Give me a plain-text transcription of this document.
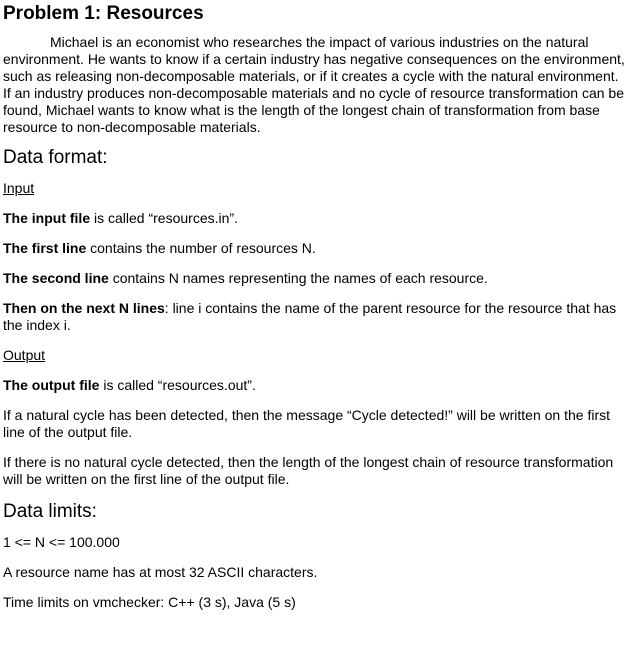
Problem 1: Resources

Michael is an economist who researches the impact of various industries on the natural environment. He wants to know if a certain industry has negative consequences on the environment, such as releasing non-decomposable materials, or if it creates a cycle with the natural environment. If an industry produces non-decomposable materials and no cycle of resource transformation can be found, Michael wants to know what is the length of the longest chain of transformation from base resource to non-decomposable materials.

Data format:
Input

The input file is called “resources.in”.

The first line contains the number of resources N.

The second line contains N names representing the names of each resource.

Then on the next N lines: line i contains the name of the parent resource for the resource that has the index i.

Output

The output file is called “resources.out”.

If a natural cycle has been detected, then the message “Cycle detected!” will be written on the first line of the output file.

If there is no natural cycle detected, then the length of the longest chain of resource transformation will be written on the first line of the output file.

Data limits:

1 <= N <= 100.000

A resource name has at most 32 ASCII characters.

Time limits on vmchecker: C++ (3 s), Java (5 s)
